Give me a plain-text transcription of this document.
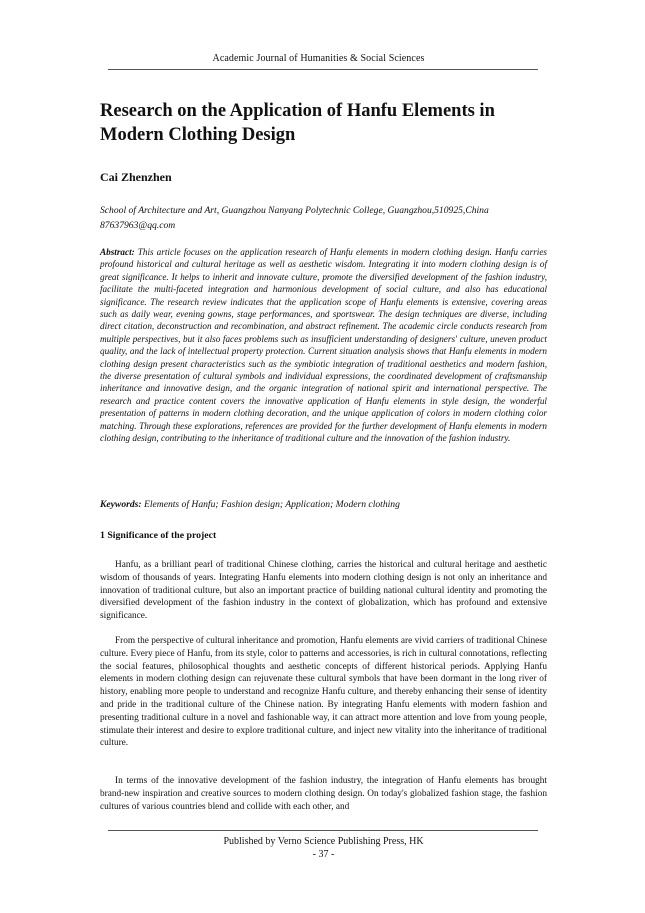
Academic Journal of Humanities & Social Sciences
Research on the Application of Hanfu Elements in Modern Clothing Design
Cai Zhenzhen
School of Architecture and Art, Guangzhou Nanyang Polytechnic College, Guangzhou,510925,China
87637963@qq.com
Abstract: This article focuses on the application research of Hanfu elements in modern clothing design. Hanfu carries profound historical and cultural heritage as well as aesthetic wisdom. Integrating it into modern clothing design is of great significance. It helps to inherit and innovate culture, promote the diversified development of the fashion industry, facilitate the multi-faceted integration and harmonious development of social culture, and also has educational significance. The research review indicates that the application scope of Hanfu elements is extensive, covering areas such as daily wear, evening gowns, stage performances, and sportswear. The design techniques are diverse, including direct citation, deconstruction and recombination, and abstract refinement. The academic circle conducts research from multiple perspectives, but it also faces problems such as insufficient understanding of designers' culture, uneven product quality, and the lack of intellectual property protection. Current situation analysis shows that Hanfu elements in modern clothing design present characteristics such as the symbiotic integration of traditional aesthetics and modern fashion, the diverse presentation of cultural symbols and individual expressions, the coordinated development of craftsmanship inheritance and innovative design, and the organic integration of national spirit and international perspective. The research and practice content covers the innovative application of Hanfu elements in style design, the wonderful presentation of patterns in modern clothing decoration, and the unique application of colors in modern clothing color matching. Through these explorations, references are provided for the further development of Hanfu elements in modern clothing design, contributing to the inheritance of traditional culture and the innovation of the fashion industry.
Keywords: Elements of Hanfu; Fashion design; Application; Modern clothing
1 Significance of the project

Hanfu, as a brilliant pearl of traditional Chinese clothing, carries the historical and cultural heritage and aesthetic wisdom of thousands of years. Integrating Hanfu elements into modern clothing design is not only an inheritance and innovation of traditional culture, but also an important practice of building national cultural identity and promoting the diversified development of the fashion industry in the context of globalization, which has profound and extensive significance.

From the perspective of cultural inheritance and promotion, Hanfu elements are vivid carriers of traditional Chinese culture. Every piece of Hanfu, from its style, color to patterns and accessories, is rich in cultural connotations, reflecting the social features, philosophical thoughts and aesthetic concepts of different historical periods. Applying Hanfu elements in modern clothing design can rejuvenate these cultural symbols that have been dormant in the long river of history, enabling more people to understand and recognize Hanfu culture, and thereby enhancing their sense of identity and pride in the traditional culture of the Chinese nation. By integrating Hanfu elements with modern fashion and presenting traditional culture in a novel and fashionable way, it can attract more attention and love from young people, stimulate their interest and desire to explore traditional culture, and inject new vitality into the inheritance of traditional culture.

In terms of the innovative development of the fashion industry, the integration of Hanfu elements has brought brand-new inspiration and creative sources to modern clothing design. On today's globalized fashion stage, the fashion cultures of various countries blend and collide with each other, and

Published by Verno Science Publishing Press, HK
- 37 -
